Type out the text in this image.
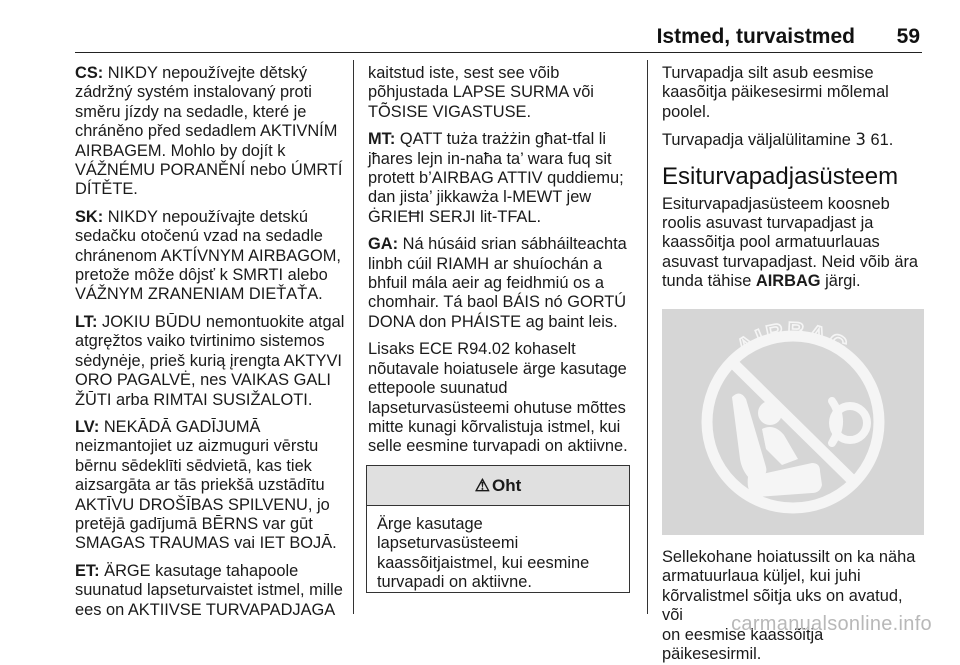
Istmed, turvaistmed 59

CS: NIKDY nepoužívejte dětský
zádržný systém instalovaný proti
směru jízdy na sedadle, které je
chráněno před sedadlem AKTIVNÍM
AIRBAGEM. Mohlo by dojít k
VÁŽNÉMU PORANĚNÍ nebo ÚMRTÍ
DÍTĚTE.

SK: NIKDY nepoužívajte detskú
sedačku otočenú vzad na sedadle
chránenom AKTÍVNYM AIRBAGOM,
pretože môže dôjsť k SMRTI alebo
VÁŽNYM ZRANENIAM DIEŤAŤA.

LT: JOKIU BŪDU nemontuokite atgal
atgręžtos vaiko tvirtinimo sistemos
sėdynėje, prieš kurią įrengta AKTYVI
ORO PAGALVĖ, nes VAIKAS GALI
ŽŪTI arba RIMTAI SUSIŽALOTI.

LV: NEKĀDĀ GADĪJUMĀ
neizmantojiet uz aizmuguri vērstu
bērnu sēdeklīti sēdvietā, kas tiek
aizsargāta ar tās priekšā uzstādītu
AKTĪVU DROŠĪBAS SPILVENU, jo
pretējā gadījumā BĒRNS var gūt
SMAGAS TRAUMAS vai IET BOJĀ.

ET: ÄRGE kasutage tahapoole
suunatud lapseturvaistet istmel, mille
ees on AKTIIVSE TURVAPADJAGA

kaitstud iste, sest see võib
põhjustada LAPSE SURMA või
TÕSISE VIGASTUSE.

MT: QATT tuża trażżin għat-tfal li
jħares lejn in-naħa ta’ wara fuq sit
protett b’AIRBAG ATTIV quddiemu;
dan jista’ jikkawża l-MEWT jew
ĠRIEĦI SERJI lit-TFAL.

GA: Ná húsáid srian sábháilteachta
linbh cúil RIAMH ar shuíochán a
bhfuil mála aeir ag feidhmiú os a
chomhair. Tá baol BÁIS nó GORTÚ
DONA don PHÁISTE ag baint leis.

Lisaks ECE R94.02 kohaselt
nõutavale hoiatusele ärge kasutage
ettepoole suunatud
lapseturvasüsteemi ohutuse mõttes
mitte kunagi kõrvalistuja istmel, kui
selle eesmine turvapadi on aktiivne.

⚠ Oht
Ärge kasutage
lapseturvasüsteemi
kaassõitjaistmel, kui eesmine
turvapadi on aktiivne.

Turvapadja silt asub eesmise
kaasõitja päikesesirmi mõlemal
poolel.

Turvapadja väljalülitamine 3 61.

Esiturvapadjasüsteem

Esiturvapadjasüsteem koosneb
roolis asuvast turvapadjast ja
kaassõitja pool armatuurlauas
asuvast turvapadjast. Neid võib ära
tunda tähise AIRBAG järgi.

AIRBAG
Sellekohane hoiatussilt on ka näha
armatuurlaua küljel, kui juhi
kõrvalistmel sõitja uks on avatud, või
on eesmise kaassõitja päikesesirmil.
carmanualsonline.info
